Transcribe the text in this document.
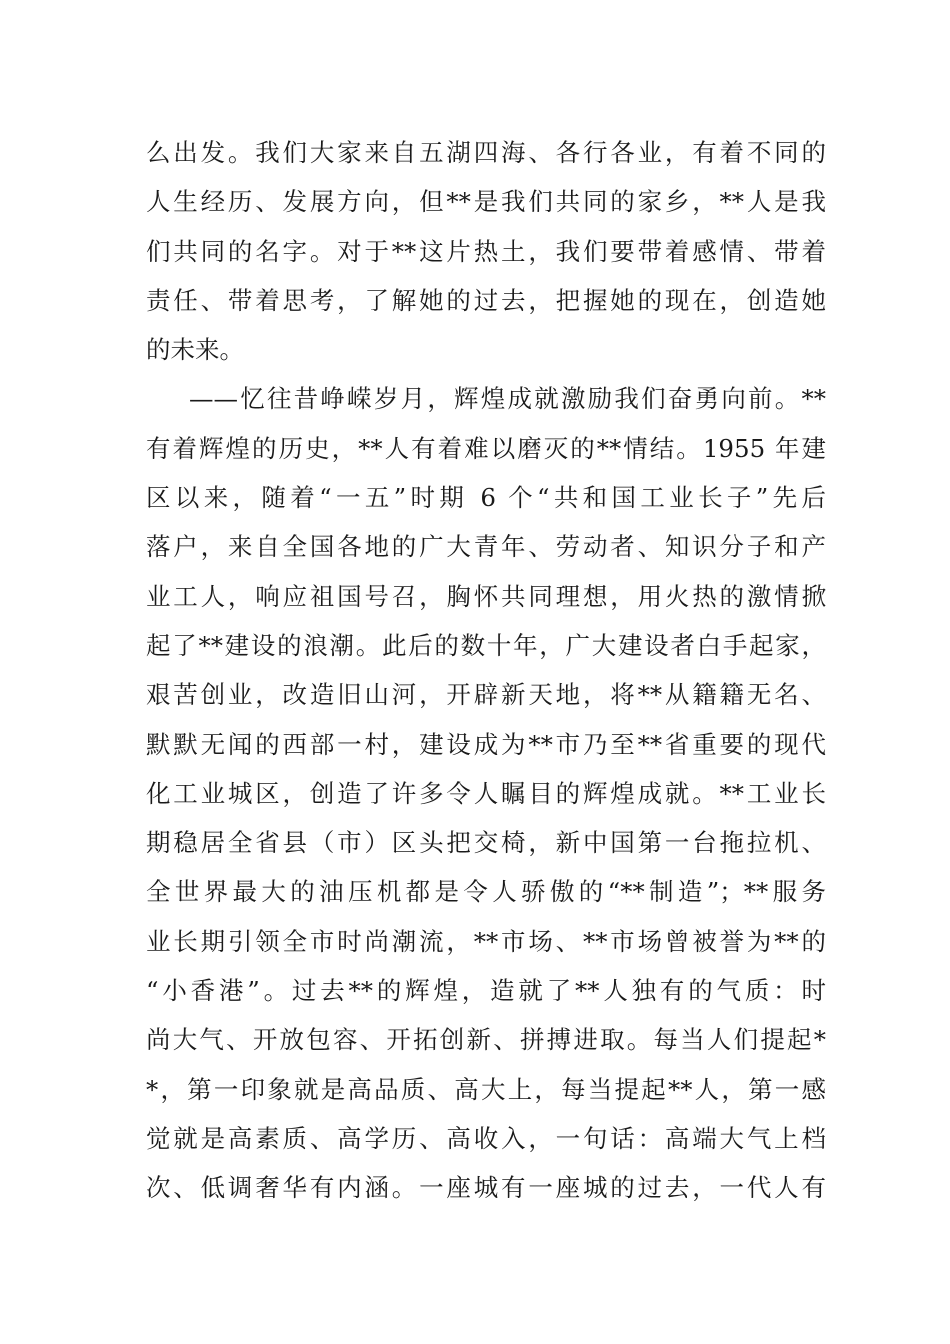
么出发。我们大家来自五湖四海、各行各业，有着不同的
人生经历、发展方向，但**是我们共同的家乡，**人是我
们共同的名字。对于**这片热土，我们要带着感情、带着
责任、带着思考，了解她的过去，把握她的现在，创造她
的未来。
——忆往昔峥嵘岁月，辉煌成就激励我们奋勇向前。**
有着辉煌的历史，**人有着难以磨灭的**情结。1955 年建
区以来，随着“一五”时期 6 个“共和国工业长子”先后
落户，来自全国各地的广大青年、劳动者、知识分子和产
业工人，响应祖国号召，胸怀共同理想，用火热的激情掀
起了**建设的浪潮。此后的数十年，广大建设者白手起家，
艰苦创业，改造旧山河，开辟新天地，将**从籍籍无名、
默默无闻的西部一村，建设成为**市乃至**省重要的现代
化工业城区，创造了许多令人瞩目的辉煌成就。**工业长
期稳居全省县（市）区头把交椅，新中国第一台拖拉机、
全世界最大的油压机都是令人骄傲的“**制造”；**服务
业长期引领全市时尚潮流，**市场、**市场曾被誉为**的
“小香港”。过去**的辉煌，造就了**人独有的气质：时
尚大气、开放包容、开拓创新、拼搏进取。每当人们提起*
*，第一印象就是高品质、高大上，每当提起**人，第一感
觉就是高素质、高学历、高收入，一句话：高端大气上档
次、低调奢华有内涵。一座城有一座城的过去，一代人有
